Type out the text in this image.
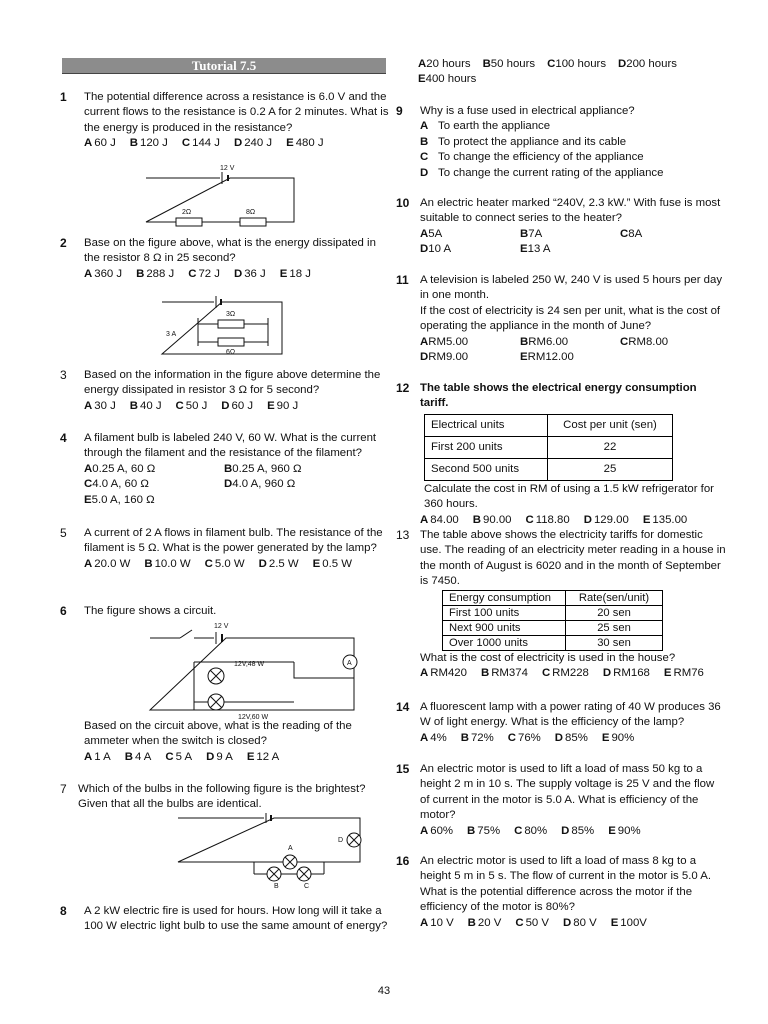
Tutorial 7.5
1 The potential difference across a resistance is 6.0 V and the current flows to the resistance is 0.2 A for 2 minutes. What is the energy is produced in the resistance?
A 60 J B 120 J C 144 J D 240 J E 480 J
12 V
2Ω	8Ω
2 Base on the figure above, what is the energy dissipated in the resistor 8 Ω in 25 second?
A 360 J B 288 J C 72 J D 36 J E 18 J
3Ω
6Ω
3 A
3 Based on the information in the figure above determine the energy dissipated in resistor 3 Ω for 5 second?
A 30 J B 40 J C 50 J D 60 J E 90 J
4 A filament bulb is labeled 240 V, 60 W. What is the current through the filament and the resistance of the filament?
A0.25 A, 60 Ω	B0.25 A, 960 Ω
C4.0 A, 60 Ω	D4.0 A, 960 Ω
E5.0 A, 160 Ω
5 A current of 2 A flows in filament bulb. The resistance of the filament is 5 Ω. What is the power generated by the lamp?
A 20.0 W B 10.0 W C 5.0 W D 2.5 W E 0.5 W
6 The figure shows a circuit.
12 V
12V,48 W
12V,60 W
A
Based on the circuit above, what is the reading of the ammeter when the switch is closed?
A 1 A B 4 A C 5 A D 9 A E 12 A
7 Which of the bulbs in the following figure is the brightest? Given that all the bulbs are identical.
A
B	C
D
8 A 2 kW electric fire is used for hours. How long will it take a 100 W electric light bulb to use the same amount of energy?
A20 hours B50 hours C100 hours D200 hoursE400 hours
9 Why is a fuse used in electrical appliance?
A To earth the appliance
B To protect the appliance and its cable
C To change the efficiency of the appliance
D To change the current rating of the appliance
10 An electric heater marked “240V, 2.3 kW.” With fuse is most suitable to connect series to the heater?
A5A	B7A	C8A
D10 A	E13 A
11 A television is labeled 250 W, 240 V is used 5 hours per day in one month.
If the cost of electricity is 24 sen per unit, what is the cost of operating the appliance in the month of June?
ARM5.00	BRM6.00	CRM8.00
DRM9.00	ERM12.00
12 The table shows the electrical energy consumption tariff.
Electrical units	Cost per unit (sen)
First 200 units	22
Second 500 units	25
Calculate the cost in RM of using a 1.5 kW refrigerator for 360 hours.
A 84.00 B 90.00 C 118.80 D 129.00 E 135.00
13 The table above shows the electricity tariffs for domestic use. The reading of an electricity meter reading in a house in the month of August is 6020 and in the month of September is 7450.
Energy consumption	Rate(sen/unit)
First 100 units	20 sen
Next 900 units	25 sen
Over 1000 units	30 sen
What is the cost of electricity is used in the house?
A RM420 B RM374 C RM228 D RM168 E RM76
14 A fluorescent lamp with a power rating of 40 W produces 36 W of light energy. What is the efficiency of the lamp?
A 4% B 72% C 76% D 85% E 90%
15 An electric motor is used to lift a load of mass 50 kg to a height 2 m in 10 s. The supply voltage is 25 V and the flow of current in the motor is 5.0 A. What is efficiency of the motor?
A 60% B 75% C 80% D 85% E 90%
16 An electric motor is used to lift a load of mass 8 kg to a height 5 m in 5 s. The flow of current in the motor is 5.0 A. What is the potential difference across the motor if the efficiency of the motor is 80%?
A 10 V B 20 V C 50 V D 80 V E 100V
43
